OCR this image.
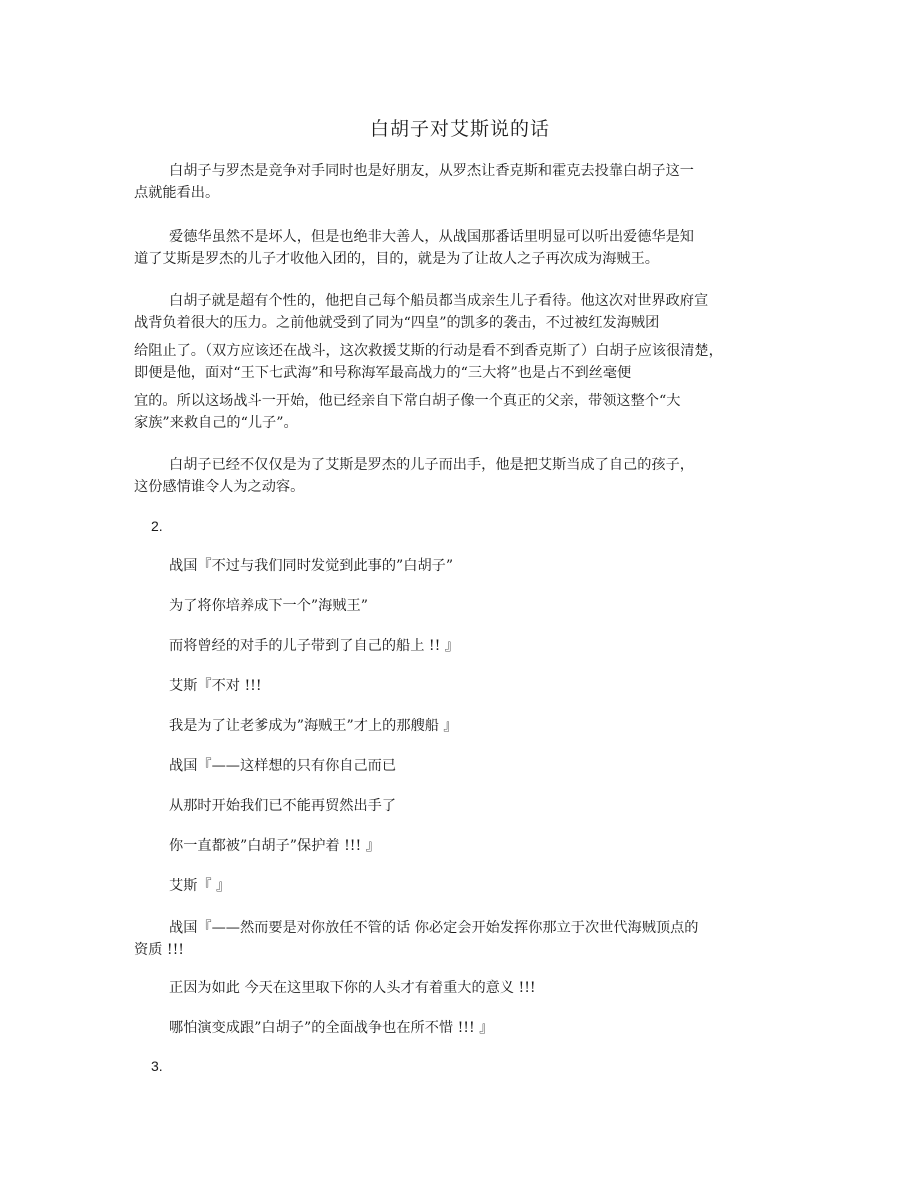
白胡子对艾斯说的话
白胡子与罗杰是竞争对手同时也是好朋友，从罗杰让香克斯和霍克去投靠白胡子这一
点就能看出。
爱德华虽然不是坏人，但是也绝非大善人，从战国那番话里明显可以听出爱德华是知
道了艾斯是罗杰的儿子才收他入团的，目的，就是为了让故人之子再次成为海贼王。
白胡子就是超有个性的，他把自己每个船员都当成亲生儿子看待。他这次对世界政府宣
战背负着很大的压力。之前他就受到了同为“四皇”的凯多的袭击，不过被红发海贼团
给阻止了。（双方应该还在战斗，这次救援艾斯的行动是看不到香克斯了）白胡子应该很清楚，
即便是他，面对“王下七武海”和号称海军最高战力的“三大将”也是占不到丝毫便
宜的。所以这场战斗一开始，他已经亲自下常白胡子像一个真正的父亲，带领这整个“大
家族”来救自己的“儿子”。
白胡子已经不仅仅是为了艾斯是罗杰的儿子而出手，他是把艾斯当成了自己的孩子，
这份感情谁令人为之动容。
2.
战国『不过与我们同时发觉到此事的”白胡子”
为了将你培养成下一个”海贼王”
而将曾经的对手的儿子带到了自己的船上 !! 』
艾斯『不对 !!!
我是为了让老爹成为”海贼王”才上的那艘船 』
战国『——这样想的只有你自己而已
从那时开始我们已不能再贸然出手了
你一直都被”白胡子”保护着 !!! 』
艾斯『 』
战国『——然而要是对你放任不管的话 你必定会开始发挥你那立于次世代海贼顶点的
资质 !!!
正因为如此 今天在这里取下你的人头才有着重大的意义 !!!
哪怕演变成跟”白胡子”的全面战争也在所不惜 !!! 』
3.
